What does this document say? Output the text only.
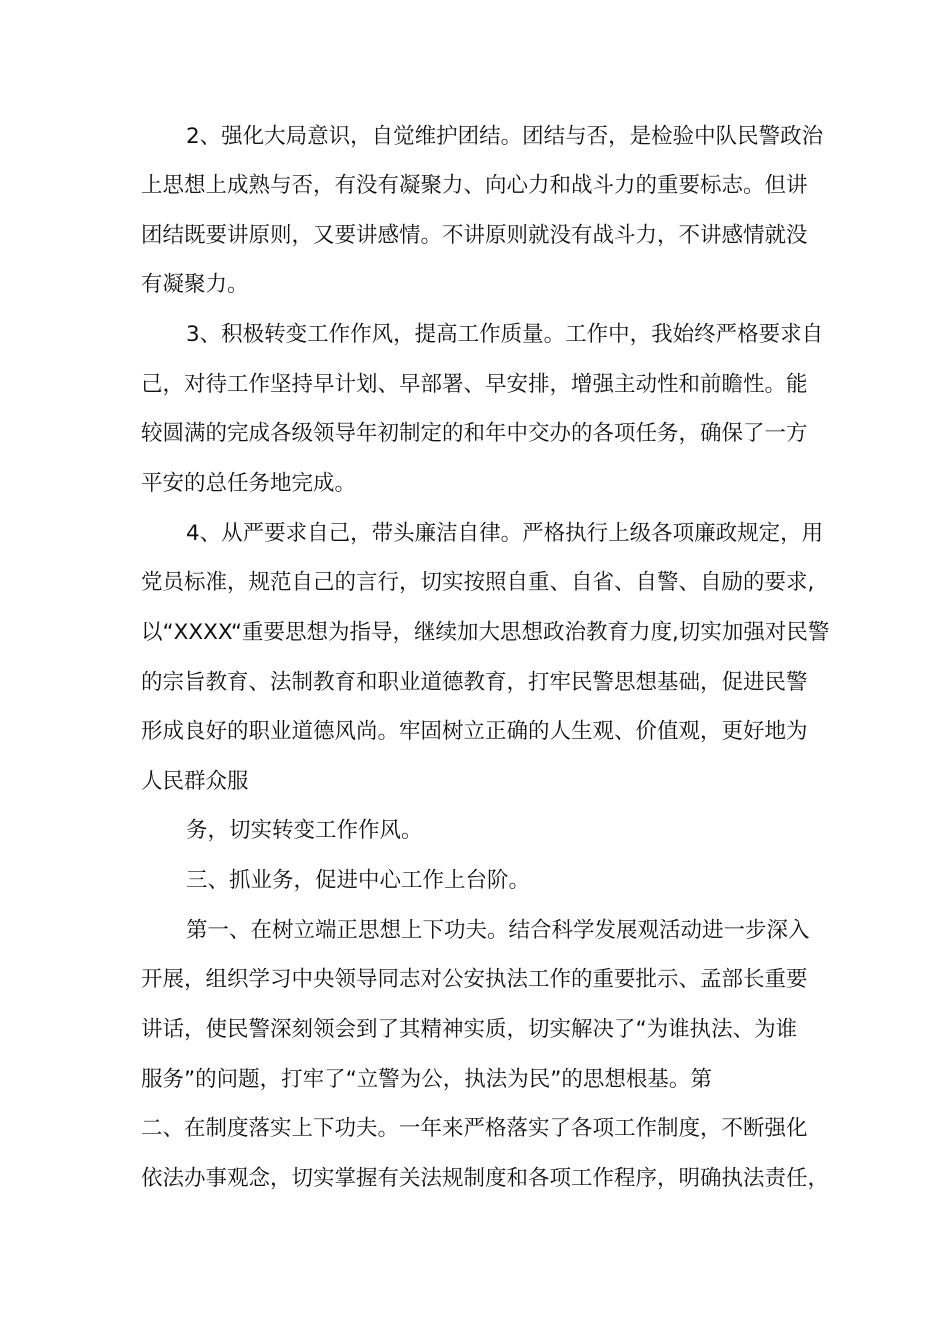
2、强化大局意识，自觉维护团结。团结与否，是检验中队民警政治

上思想上成熟与否，有没有凝聚力、向心力和战斗力的重要标志。但讲

团结既要讲原则，又要讲感情。不讲原则就没有战斗力，不讲感情就没

有凝聚力。

3、积极转变工作作风，提高工作质量。工作中，我始终严格要求自

己，对待工作坚持早计划、早部署、早安排，增强主动性和前瞻性。能

较圆满的完成各级领导年初制定的和年中交办的各项任务，确保了一方

平安的总任务地完成。

4、从严要求自己，带头廉洁自律。严格执行上级各项廉政规定，用

党员标准，规范自己的言行，切实按照自重、自省、自警、自励的要求,

以“XXXX“重要思想为指导，继续加大思想政治教育力度,切实加强对民警

的宗旨教育、法制教育和职业道德教育，打牢民警思想基础，促进民警

形成良好的职业道德风尚。牢固树立正确的人生观、价值观，更好地为

人民群众服

务，切实转变工作作风。

三、抓业务，促进中心工作上台阶。

第一、在树立端正思想上下功夫。结合科学发展观活动进一步深入

开展，组织学习中央领导同志对公安执法工作的重要批示、孟部长重要

讲话，使民警深刻领会到了其精神实质，切实解决了“为谁执法、为谁

服务”的问题，打牢了“立警为公，执法为民”的思想根基。第

二、在制度落实上下功夫。一年来严格落实了各项工作制度，不断强化

依法办事观念，切实掌握有关法规制度和各项工作程序，明确执法责任，
